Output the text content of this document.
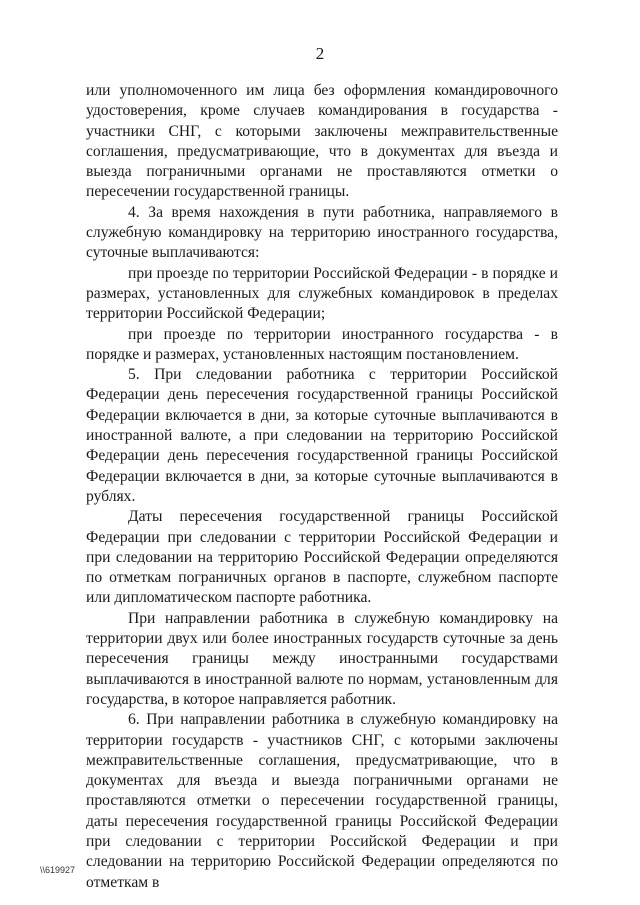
2

или уполномоченного им лица без оформления командировочного удостоверения, кроме случаев командирования в государства - участники СНГ, с которыми заключены межправительственные соглашения, предусматривающие, что в документах для въезда и выезда пограничными органами не проставляются отметки о пересечении государственной границы.

4. За время нахождения в пути работника, направляемого в служебную командировку на территорию иностранного государства, суточные выплачиваются:

при проезде по территории Российской Федерации - в порядке и размерах, установленных для служебных командировок в пределах территории Российской Федерации;

при проезде по территории иностранного государства - в порядке и размерах, установленных настоящим постановлением.

5. При следовании работника с территории Российской Федерации день пересечения государственной границы Российской Федерации включается в дни, за которые суточные выплачиваются в иностранной валюте, а при следовании на территорию Российской Федерации день пересечения государственной границы Российской Федерации включается в дни, за которые суточные выплачиваются в рублях.

Даты пересечения государственной границы Российской Федерации при следовании с территории Российской Федерации и при следовании на территорию Российской Федерации определяются по отметкам пограничных органов в паспорте, служебном паспорте или дипломатическом паспорте работника.

При направлении работника в служебную командировку на территории двух или более иностранных государств суточные за день пересечения границы между иностранными государствами выплачиваются в иностранной валюте по нормам, установленным для государства, в которое направляется работник.

6. При направлении работника в служебную командировку на территории государств - участников СНГ, с которыми заключены межправительственные соглашения, предусматривающие, что в документах для въезда и выезда пограничными органами не проставляются отметки о пересечении государственной границы, даты пересечения государственной границы Российской Федерации при следовании с территории Российской Федерации и при следовании на территорию Российской Федерации определяются по отметкам в

\\619927
